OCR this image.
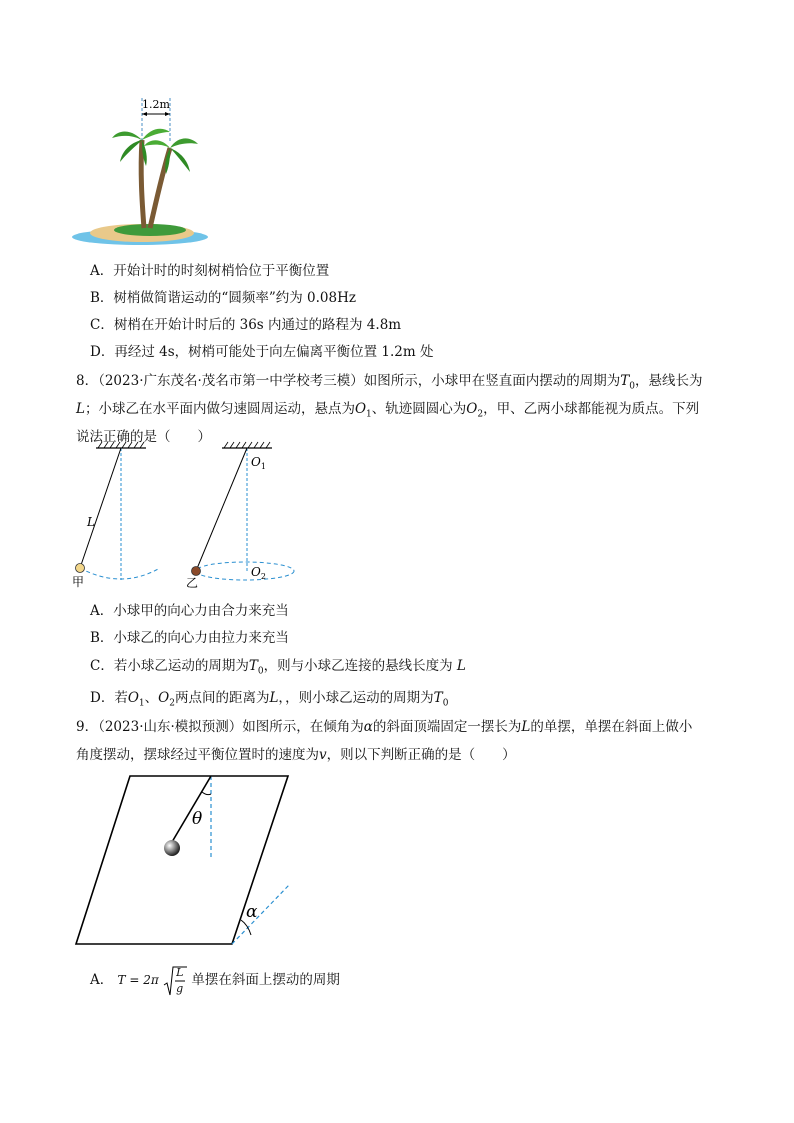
1.2m
A．开始计时的时刻树梢恰位于平衡位置
B．树梢做简谐运动的“圆频率”约为 0.08Hz
C．树梢在开始计时后的 36s 内通过的路程为 4.8m
D．再经过 4s，树梢可能处于向左偏离平衡位置 1.2m 处
8．（2023·广东茂名·茂名市第一中学校考三模）如图所示，小球甲在竖直面内摆动的周期为$T_0$，悬线长为
L；小球乙在水平面内做匀速圆周运动，悬点为$O_1$、轨迹圆圆心为$O_2$，甲、乙两小球都能视为质点。下列
说法正确的是（　　）
L
甲
$O_1$
$O_2$
乙
A．小球甲的向心力由合力来充当
B．小球乙的向心力由拉力来充当
C．若小球乙运动的周期为$T_0$，则与小球乙连接的悬线长度为 L
D．若$O_1$、$O_2$两点间的距离为L，，则小球乙运动的周期为$T_0$
9．（2023·山东·模拟预测）如图所示，在倾角为α的斜面顶端固定一摆长为L的单摆，单摆在斜面上做小
角度摆动，摆球经过平衡位置时的速度为v，则以下判断正确的是（　　）
θ
α
A． T = 2π
L
g 单摆在斜面上摆动的周期
